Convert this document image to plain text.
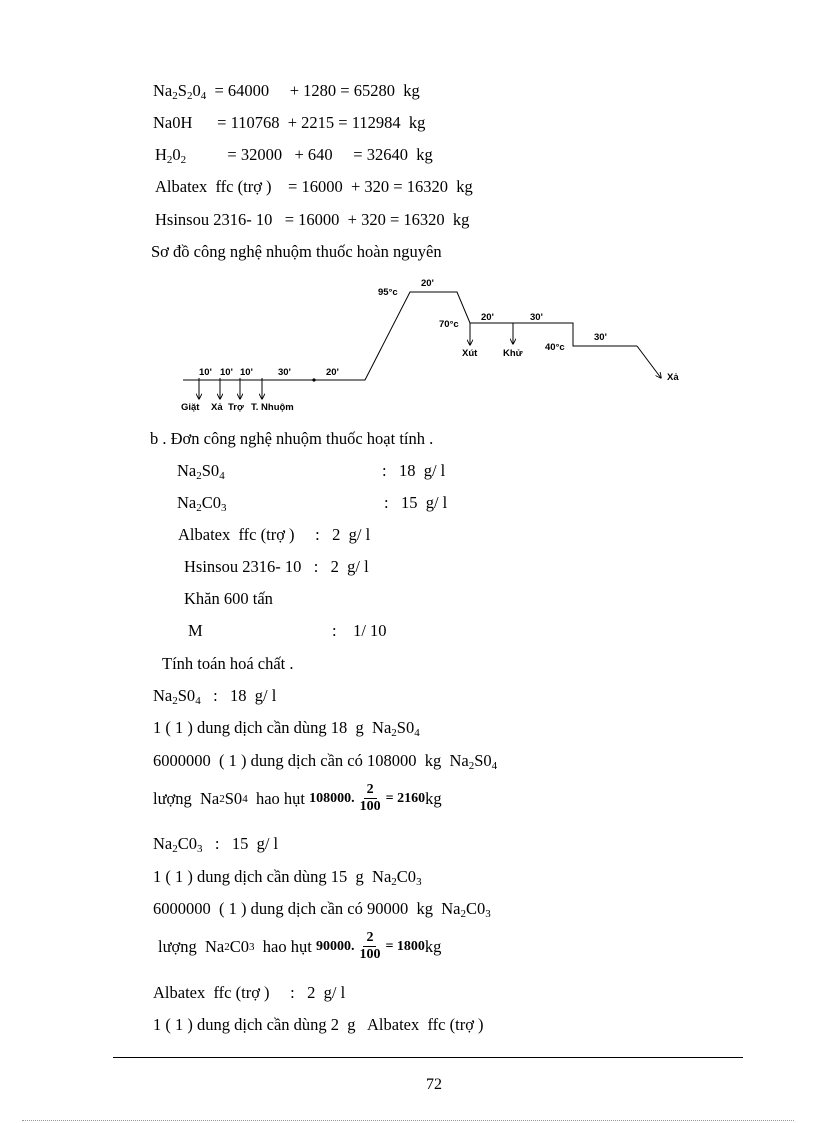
$Na_2S_20_4 = 64000$     + 1280 = 65280  kg
Na0H      = 110768  + 2215 = 112984  kg
$H_20_2$          = 32000   + 640     = 32640  kg
Albatex  ffc (trợ )    = 16000  + 320 = 16320  kg
Hsinsou 2316- 10   = 16000  + 320 = 16320  kg
Sơ đồ công nghệ nhuộm thuốc hoàn nguyên
95°c
20'
70°c
20'	30'
40°c
30'
Xút	Khử
Xả
10' 10' 10'	30'	20'
Giặt Xả Trợ T. Nhuộm
b . Đơn công nghệ nhuộm thuốc hoạt tính .
$Na_2S0_4$	:   18  g/ l
$Na_2C0_3$	:   15  g/ l
Albatex  ffc (trợ )     :   2  g/ l
Hsinsou 2316- 10   :   2  g/ l
Khăn 600 tấn
M	:    1/ 10
Tính toán hoá chất .
$Na_2S0_4$   :   18  g/ l
1 ( 1 ) dung dịch cần dùng 18  g  $Na_2S0_4$
6000000  ( 1 ) dung dịch cần có 108000  kg  $Na_2S0_4$
lượng  Na 2 S0 4 hao hụt 108000. $\frac{2}{100} = 2160$ kg
$Na_2C0_3$   :   15  g/ l
1 ( 1 ) dung dịch cần dùng 15  g  $Na_2C0_3$
6000000  ( 1 ) dung dịch cần có 90000  kg  $Na_2C0_3$
lượng  Na 2 C0 3 hao hụt 90000. $\frac{2}{100} = 1800$ kg
Albatex  ffc (trợ )     :   2  g/ l
1 ( 1 ) dung dịch cần dùng 2  g   Albatex  ffc (trợ )
72
